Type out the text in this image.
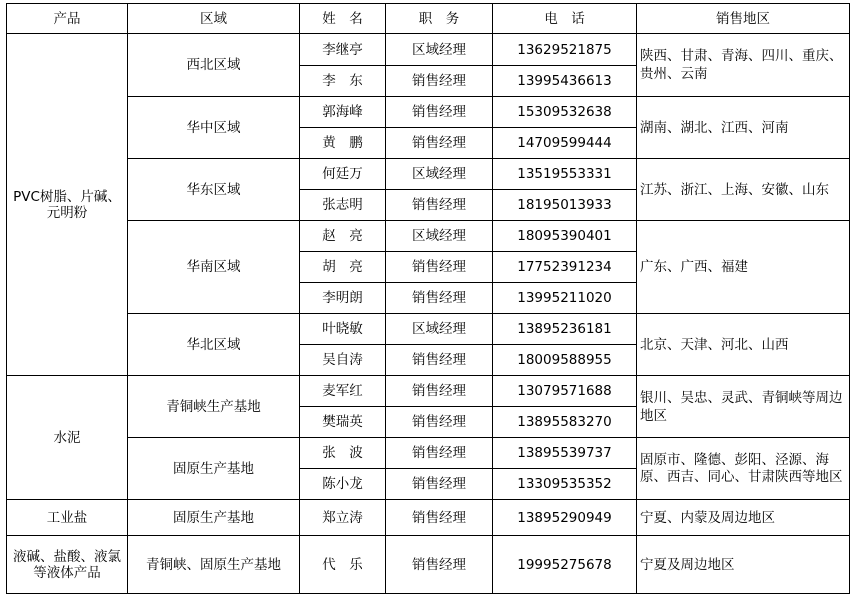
产品	区域	姓　名	职　务	电　话	销售地区
PVC树脂、片碱、元明粉	西北区域	李继亭	区域经理	13629521875	陕西、甘肃、青海、四川、重庆、贵州、云南
		李　东	销售经理	13995436613	
	华中区域	郭海峰	销售经理	15309532638	湖南、湖北、江西、河南
		黄　鹏	销售经理	14709599444	
	华东区域	何廷万	区域经理	13519553331	江苏、浙江、上海、安徽、山东
		张志明	销售经理	18195013933	
	华南区域	赵　亮	区域经理	18095390401	广东、广西、福建
		胡　亮	销售经理	17752391234	
		李明朗	销售经理	13995211020	
	华北区域	叶晓敏	区域经理	13895236181	北京、天津、河北、山西
		吴自涛	销售经理	18009588955	
水泥	青铜峡生产基地	麦军红	销售经理	13079571688	银川、吴忠、灵武、青铜峡等周边地区
		樊瑞英	销售经理	13895583270	
	固原生产基地	张　波	销售经理	13895539737	固原市、隆德、彭阳、泾源、海原、西吉、同心、甘肃陕西等地区
		陈小龙	销售经理	13309535352	
工业盐	固原生产基地	郑立涛	销售经理	13895290949	宁夏、内蒙及周边地区
液碱、盐酸、液氯等液体产品	青铜峡、固原生产基地	代　乐	销售经理	19995275678	宁夏及周边地区
